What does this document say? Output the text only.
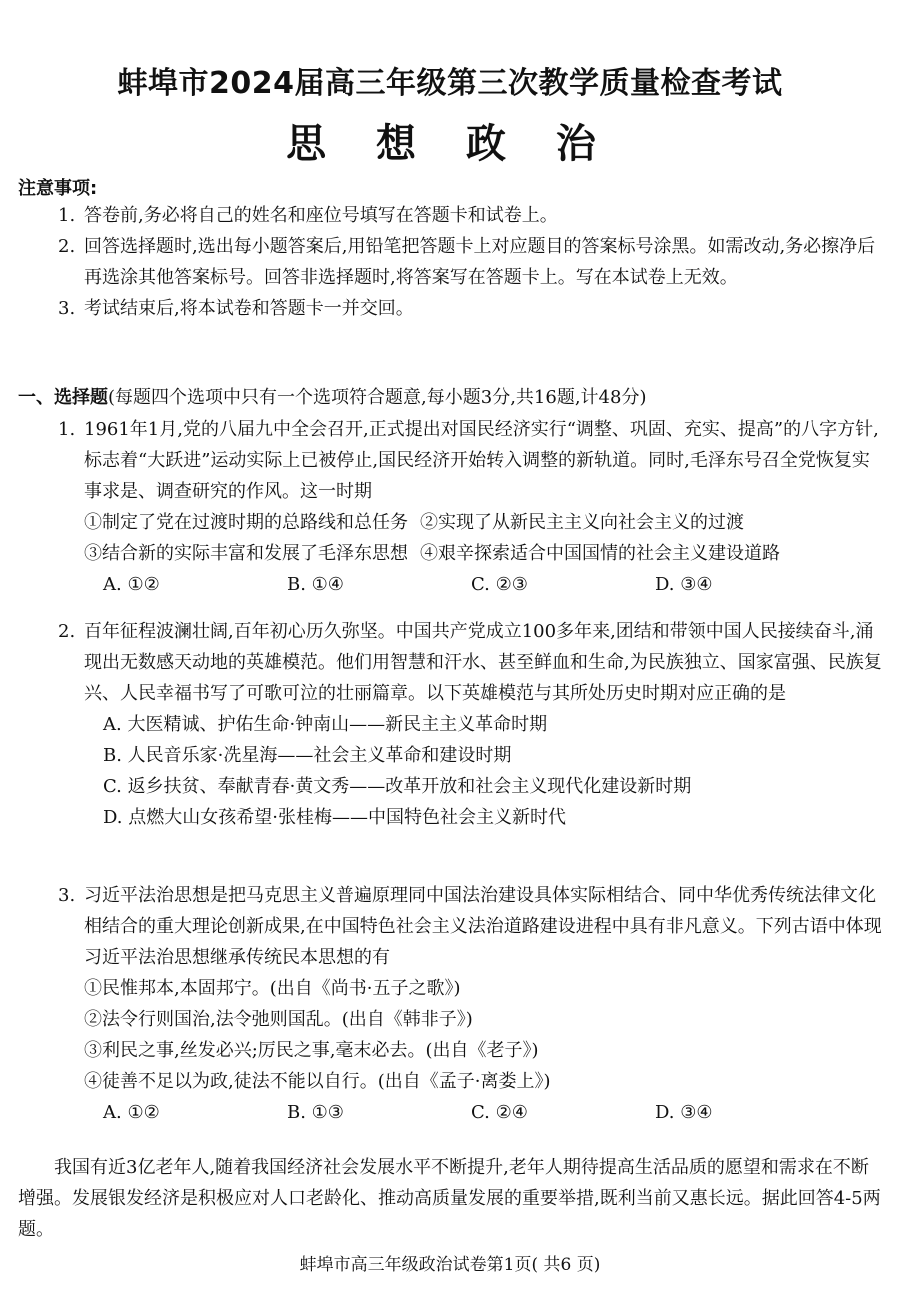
蚌埠市2024届高三年级第三次教学质量检查考试
思 想 政 治
注意事项:
1. 答卷前,务必将自己的姓名和座位号填写在答题卡和试卷上。
2. 回答选择题时,选出每小题答案后,用铅笔把答题卡上对应题目的答案标号涂黑。如需改动,务必擦净后再选涂其他答案标号。回答非选择题时,将答案写在答题卡上。写在本试卷上无效。
3. 考试结束后,将本试卷和答题卡一并交回。
一、选择题(每题四个选项中只有一个选项符合题意,每小题3分,共16题,计48分)
1. 1961年1月,党的八届九中全会召开,正式提出对国民经济实行“调整、巩固、充实、提高”的八字方针,标志着“大跃进”运动实际上已被停止,国民经济开始转入调整的新轨道。同时,毛泽东号召全党恢复实事求是、调查研究的作风。这一时期
①制定了党在过渡时期的总路线和总任务 ②实现了从新民主主义向社会主义的过渡
③结合新的实际丰富和发展了毛泽东思想 ④艰辛探索适合中国国情的社会主义建设道路
A. ①②	B. ①④	C. ②③	D. ③④
2. 百年征程波澜壮阔,百年初心历久弥坚。中国共产党成立100多年来,团结和带领中国人民接续奋斗,涌现出无数感天动地的英雄模范。他们用智慧和汗水、甚至鲜血和生命,为民族独立、国家富强、民族复兴、人民幸福书写了可歌可泣的壮丽篇章。以下英雄模范与其所处历史时期对应正确的是
A. 大医精诚、护佑生命·钟南山——新民主主义革命时期
B. 人民音乐家·冼星海——社会主义革命和建设时期
C. 返乡扶贫、奉献青春·黄文秀——改革开放和社会主义现代化建设新时期
D. 点燃大山女孩希望·张桂梅——中国特色社会主义新时代
3. 习近平法治思想是把马克思主义普遍原理同中国法治建设具体实际相结合、同中华优秀传统法律文化相结合的重大理论创新成果,在中国特色社会主义法治道路建设进程中具有非凡意义。下列古语中体现习近平法治思想继承传统民本思想的有
①民惟邦本,本固邦宁。(出自《尚书·五子之歌》)
②法令行则国治,法令弛则国乱。(出自《韩非子》)
③利民之事,丝发必兴;厉民之事,毫末必去。(出自《老子》)
④徒善不足以为政,徒法不能以自行。(出自《孟子·离娄上》)
A. ①②	B. ①③	C. ②④	D. ③④
我国有近3亿老年人,随着我国经济社会发展水平不断提升,老年人期待提高生活品质的愿望和需求在不断增强。发展银发经济是积极应对人口老龄化、推动高质量发展的重要举措,既利当前又惠长远。据此回答4-5两题。
蚌埠市高三年级政治试卷第1页( 共6 页)
